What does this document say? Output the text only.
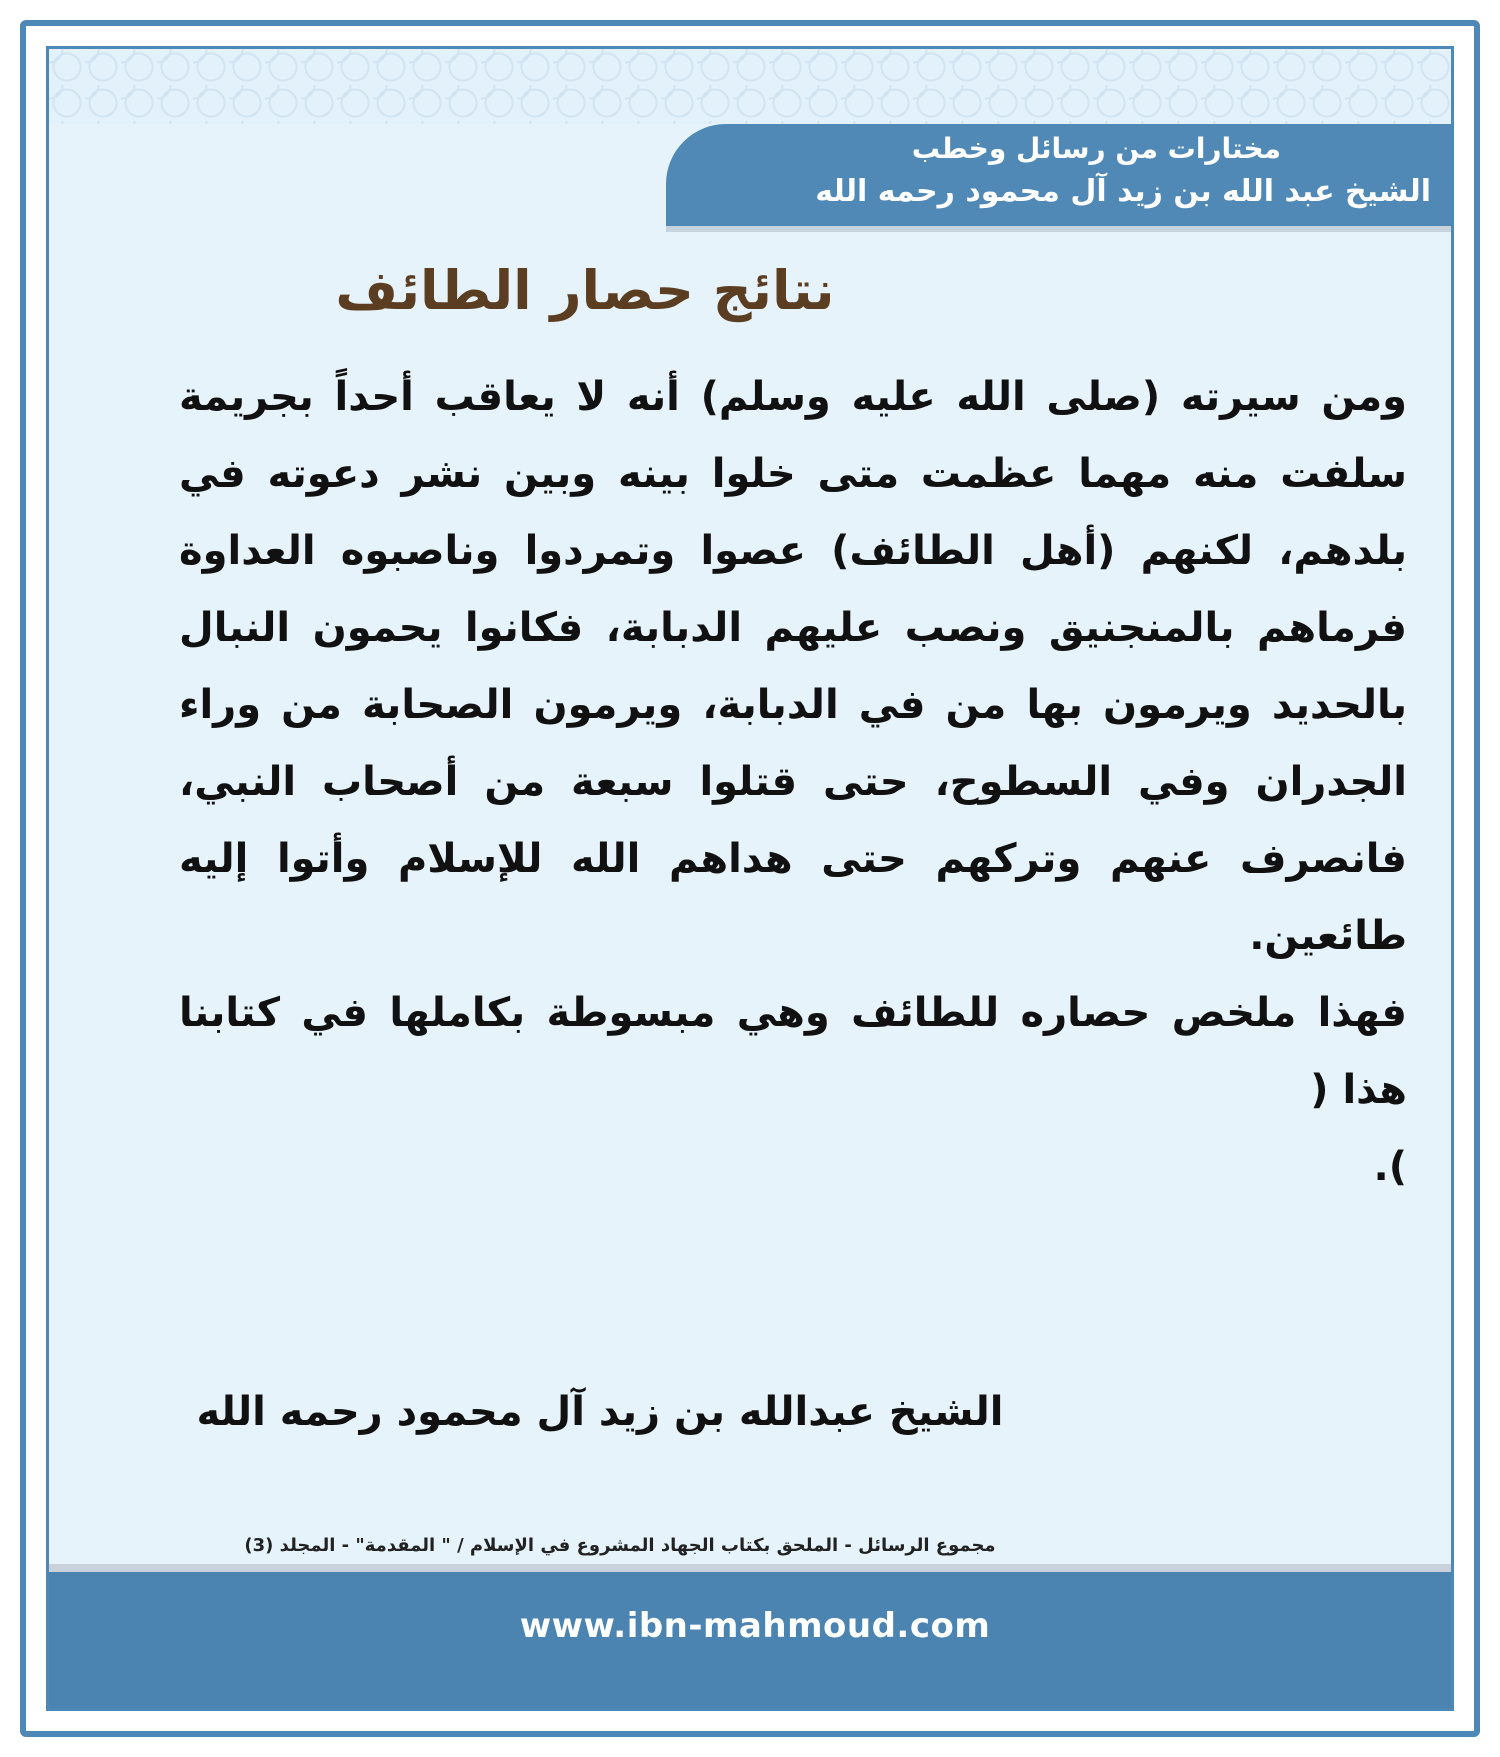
مختارات من رسائل وخطب
الشيخ عبد الله بن زيد آل محمود رحمه الله
نتائج حصار الطائف

ومن سيرته (صلى الله عليه وسلم) أنه لا يعاقب أحداً بجريمة سلفت منه مهما عظمت متى خلوا بينه وبين نشر دعوته في بلدهم، لكنهم (أهل الطائف) عصوا وتمردوا وناصبوه العداوة فرماهم بالمنجنيق ونصب عليهم الدبابة، فكانوا يحمون النبال بالحديد ويرمون بها من في الدبابة، ويرمون الصحابة من وراء الجدران وفي السطوح، حتى قتلوا سبعة من أصحاب النبي، فانصرف عنهم وتركهم حتى هداهم الله للإسلام وأتوا إليه طائعين.

فهذا ملخص حصاره للطائف وهي مبسوطة بكاملها في كتابنا هذا (

).

الشيخ عبدالله بن زيد آل محمود رحمه الله
مجموع الرسائل - الملحق بكتاب الجهاد المشروع في الإسلام / " المقدمة" - المجلد (3)
www.ibn-mahmoud.com
